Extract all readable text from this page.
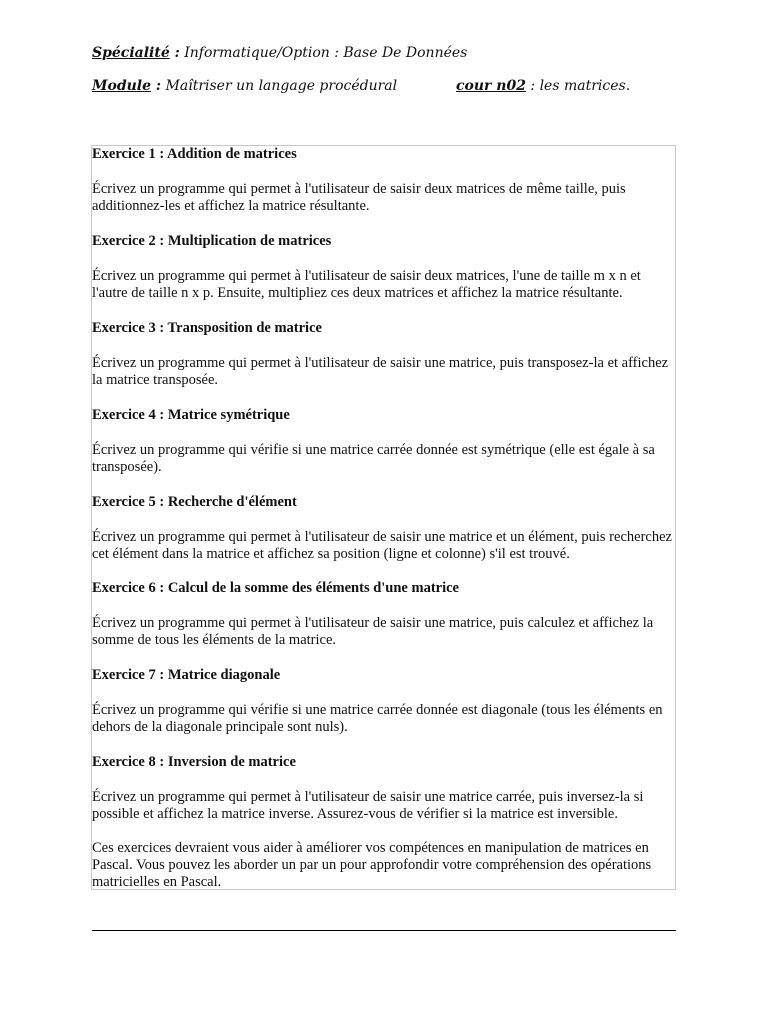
Spécialité : Informatique/Option : Base De Données
Module : Maîtriser un langage procédural	cour n02 : les matrices.

Exercice 1 : Addition de matrices

Écrivez un programme qui permet à l'utilisateur de saisir deux matrices de même taille, puis additionnez-les et affichez la matrice résultante.

Exercice 2 : Multiplication de matrices

Écrivez un programme qui permet à l'utilisateur de saisir deux matrices, l'une de taille m x n et l'autre de taille n x p. Ensuite, multipliez ces deux matrices et affichez la matrice résultante.

Exercice 3 : Transposition de matrice

Écrivez un programme qui permet à l'utilisateur de saisir une matrice, puis transposez-la et affichez la matrice transposée.

Exercice 4 : Matrice symétrique

Écrivez un programme qui vérifie si une matrice carrée donnée est symétrique (elle est égale à sa transposée).

Exercice 5 : Recherche d'élément

Écrivez un programme qui permet à l'utilisateur de saisir une matrice et un élément, puis recherchez cet élément dans la matrice et affichez sa position (ligne et colonne) s'il est trouvé.

Exercice 6 : Calcul de la somme des éléments d'une matrice

Écrivez un programme qui permet à l'utilisateur de saisir une matrice, puis calculez et affichez la somme de tous les éléments de la matrice.

Exercice 7 : Matrice diagonale

Écrivez un programme qui vérifie si une matrice carrée donnée est diagonale (tous les éléments en dehors de la diagonale principale sont nuls).

Exercice 8 : Inversion de matrice

Écrivez un programme qui permet à l'utilisateur de saisir une matrice carrée, puis inversez-la si possible et affichez la matrice inverse. Assurez-vous de vérifier si la matrice est inversible.

Ces exercices devraient vous aider à améliorer vos compétences en manipulation de matrices en Pascal. Vous pouvez les aborder un par un pour approfondir votre compréhension des opérations matricielles en Pascal.
